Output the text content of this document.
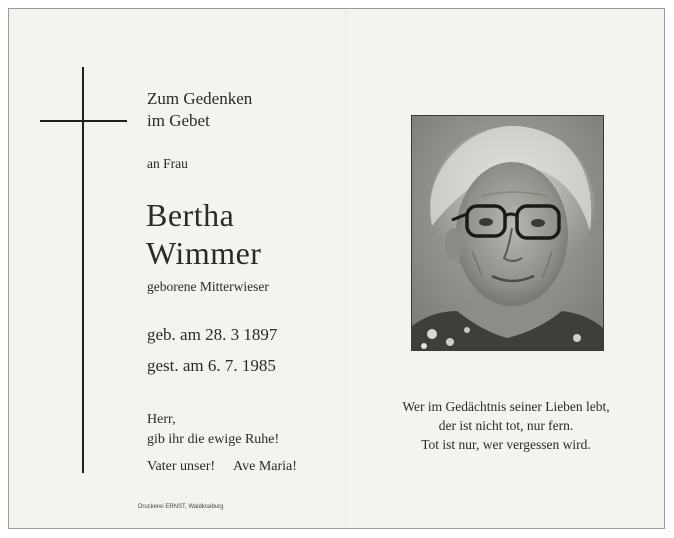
Zum Gedenken
im Gebet
an Frau
Bertha
Wimmer
geborene Mitterwieser
geb. am 28. 3 1897
gest. am 6. 7. 1985
Herr,
gib ihr die ewige Ruhe!
Vater unser! Ave Maria!
Druckerei ERNST, Waldkraiburg
Wer im Gedächtnis seiner Lieben lebt,
der ist nicht tot, nur fern.
Tot ist nur, wer vergessen wird.
